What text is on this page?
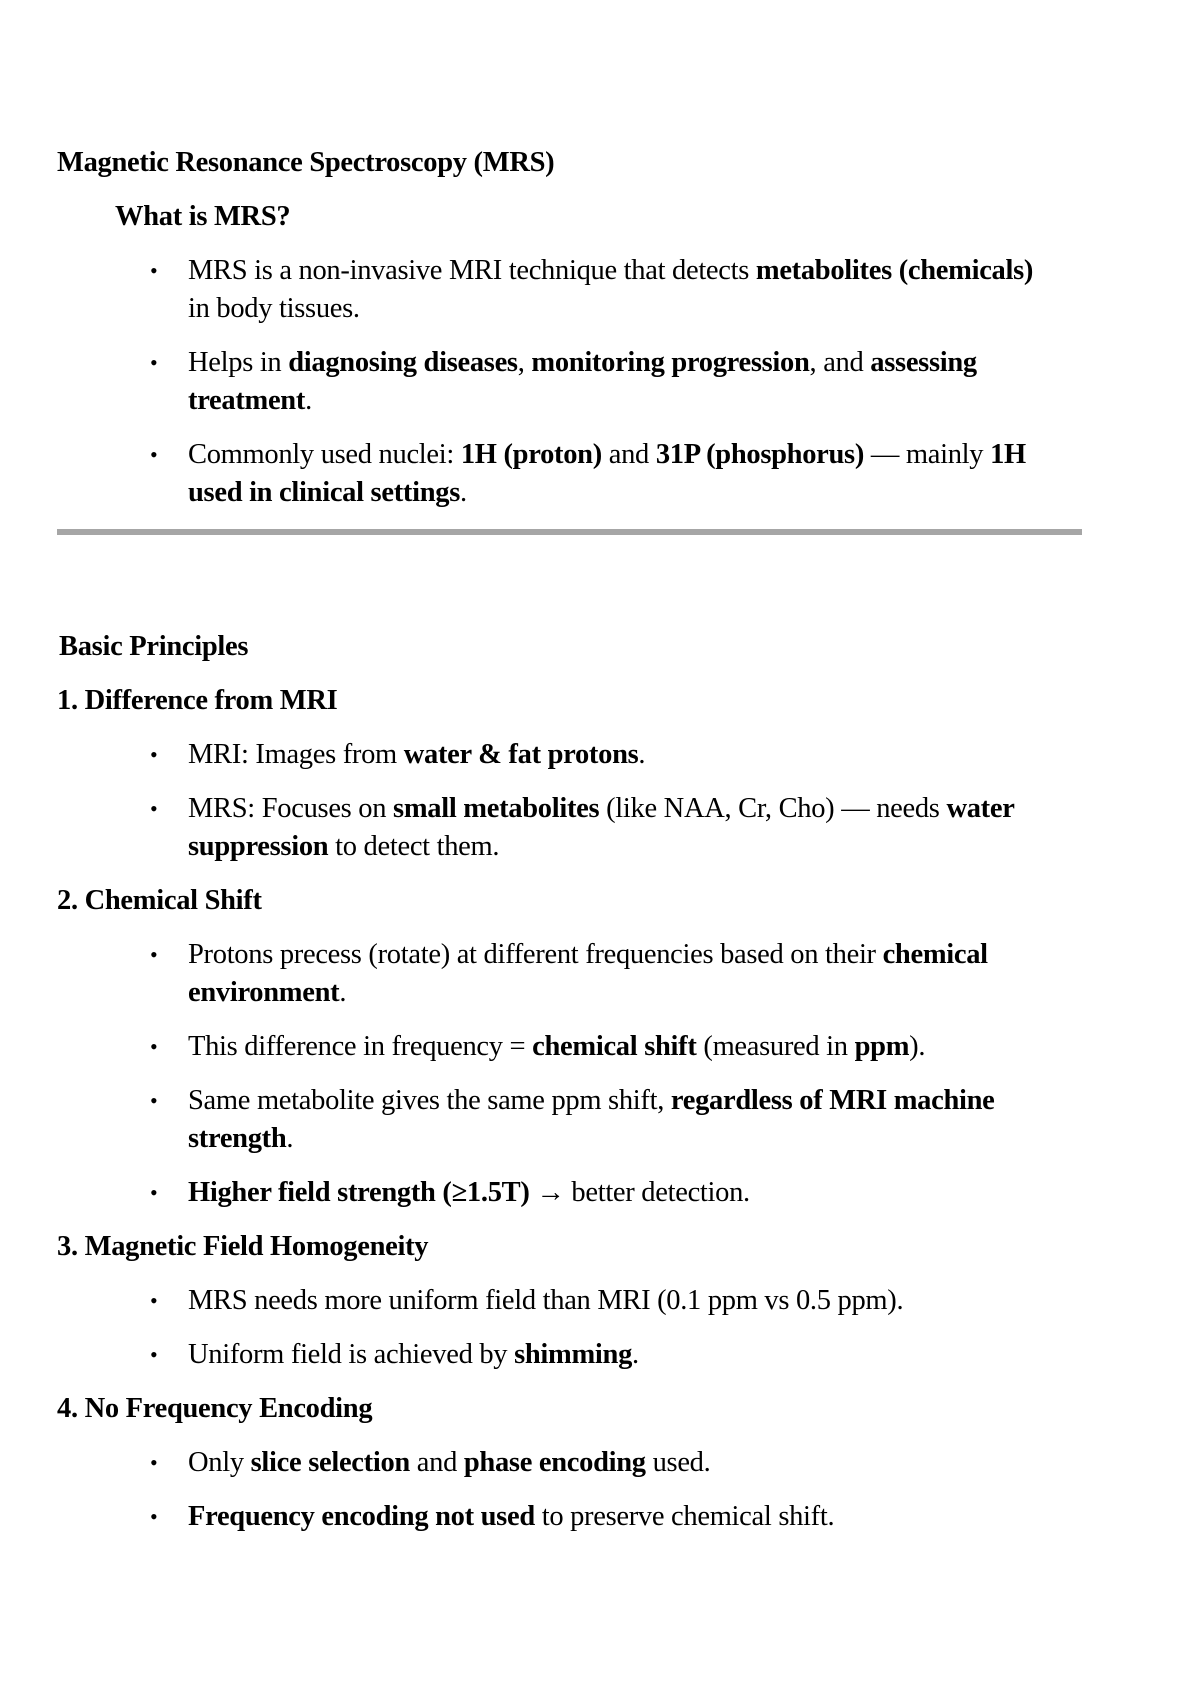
Magnetic Resonance Spectroscopy (MRS)
What is MRS?
• MRS is a non-invasive MRI technique that detects metabolites (chemicals)
in body tissues.
• Helps in diagnosing diseases, monitoring progression, and assessing
treatment.
• Commonly used nuclei: 1H (proton) and 31P (phosphorus) — mainly 1H
used in clinical settings.
Basic Principles
1. Difference from MRI
• MRI: Images from water & fat protons.
• MRS: Focuses on small metabolites (like NAA, Cr, Cho) — needs water
suppression to detect them.
2. Chemical Shift
• Protons precess (rotate) at different frequencies based on their chemical
environment.
• This difference in frequency = chemical shift (measured in ppm).
• Same metabolite gives the same ppm shift, regardless of MRI machine
strength.
• Higher field strength (≥1.5T) → better detection.
3. Magnetic Field Homogeneity
• MRS needs more uniform field than MRI (0.1 ppm vs 0.5 ppm).
• Uniform field is achieved by shimming.
4. No Frequency Encoding
• Only slice selection and phase encoding used.
• Frequency encoding not used to preserve chemical shift.
